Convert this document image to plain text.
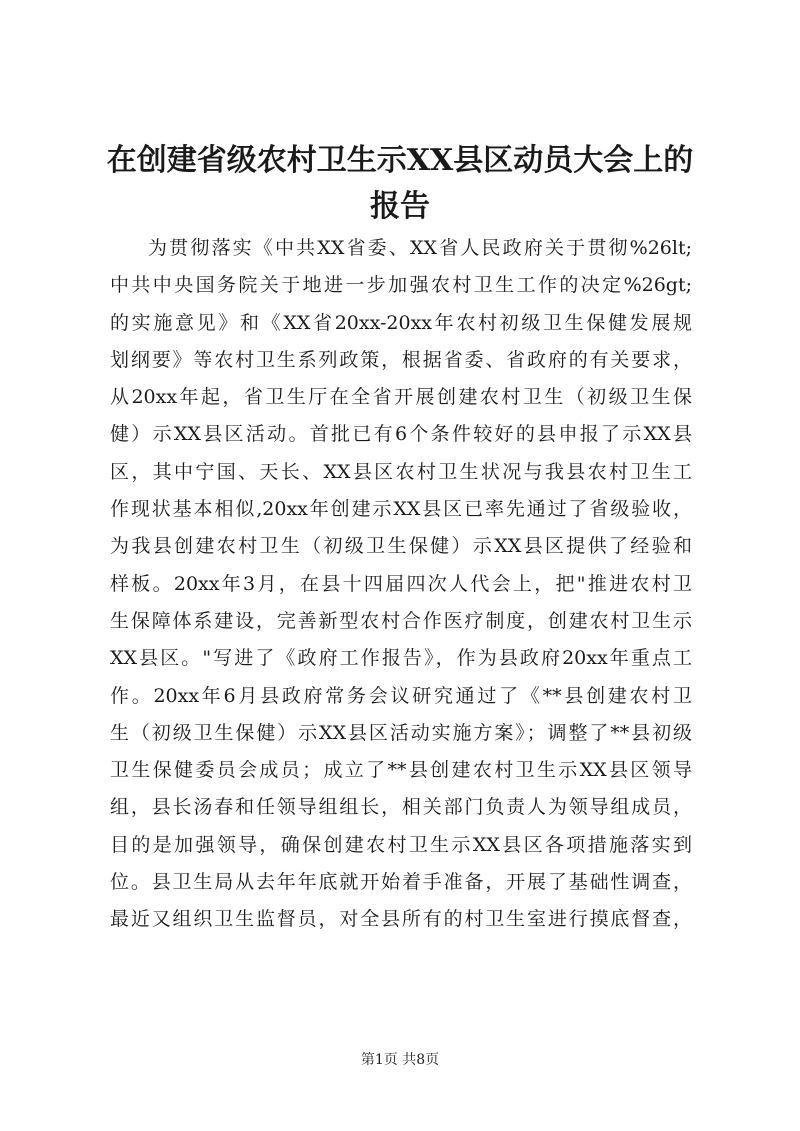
在创建省级农村卫生示XX县区动员大会上的
报告
为贯彻落实《中共XX省委、XX省人民政府关于贯彻%26lt;
中共中央国务院关于地进一步加强农村卫生工作的决定%26gt;
的实施意见》和《XX省20xx-20xx年农村初级卫生保健发展规
划纲要》等农村卫生系列政策，根据省委、省政府的有关要求，
从20xx年起，省卫生厅在全省开展创建农村卫生（初级卫生保
健）示XX县区活动。首批已有6个条件较好的县申报了示XX县
区，其中宁国、天长、XX县区农村卫生状况与我县农村卫生工
作现状基本相似,20xx年创建示XX县区已率先通过了省级验收，
为我县创建农村卫生（初级卫生保健）示XX县区提供了经验和
样板。20xx年3月，在县十四届四次人代会上，把"推进农村卫
生保障体系建设，完善新型农村合作医疗制度，创建农村卫生示
XX县区。"写进了《政府工作报告》，作为县政府20xx年重点工
作。20xx年6月县政府常务会议研究通过了《**县创建农村卫
生（初级卫生保健）示XX县区活动实施方案》；调整了**县初级
卫生保健委员会成员；成立了**县创建农村卫生示XX县区领导
组，县长汤春和任领导组组长，相关部门负责人为领导组成员，
目的是加强领导，确保创建农村卫生示XX县区各项措施落实到
位。县卫生局从去年年底就开始着手准备，开展了基础性调查，
最近又组织卫生监督员，对全县所有的村卫生室进行摸底督查，
第1页 共8页
